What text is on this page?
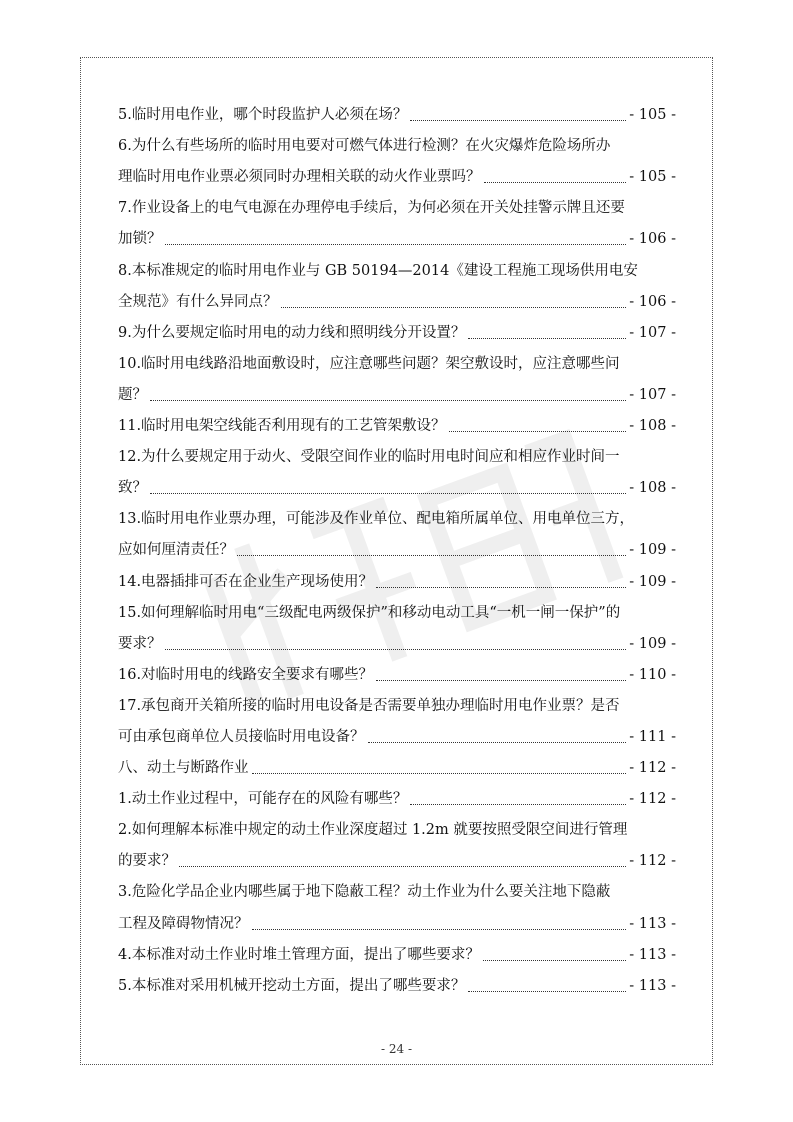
5.临时用电作业，哪个时段监护人必须在场？	- 105 -
6.为什么有些场所的临时用电要对可燃气体进行检测？在火灾爆炸危险场所办
理临时用电作业票必须同时办理相关联的动火作业票吗？	- 105 -
7.作业设备上的电气电源在办理停电手续后，为何必须在开关处挂警示牌且还要
加锁？	- 106 -
8.本标准规定的临时用电作业与 GB 50194—2014《建设工程施工现场供用电安
全规范》有什么异同点？	- 106 -
9.为什么要规定临时用电的动力线和照明线分开设置？	- 107 -
10.临时用电线路沿地面敷设时，应注意哪些问题？架空敷设时，应注意哪些问
题？	- 107 -
11.临时用电架空线能否利用现有的工艺管架敷设？	- 108 -
12.为什么要规定用于动火、受限空间作业的临时用电时间应和相应作业时间一
致？	- 108 -
13.临时用电作业票办理，可能涉及作业单位、配电箱所属单位、用电单位三方，
应如何厘清责任？	- 109 -
14.电器插排可否在企业生产现场使用？	- 109 -
15.如何理解临时用电“三级配电两级保护”和移动电动工具“一机一闸一保护”的
要求？	- 109 -
16.对临时用电的线路安全要求有哪些？	- 110 -
17.承包商开关箱所接的临时用电设备是否需要单独办理临时用电作业票？是否
可由承包商单位人员接临时用电设备？	- 111 -
八、动土与断路作业	- 112 -
1.动土作业过程中，可能存在的风险有哪些？	- 112 -
2.如何理解本标准中规定的动土作业深度超过 1.2m 就要按照受限空间进行管理
的要求？	- 112 -
3.危险化学品企业内哪些属于地下隐蔽工程？动土作业为什么要关注地下隐蔽
工程及障碍物情况？	- 113 -
4.本标准对动土作业时堆土管理方面，提出了哪些要求？	- 113 -
5.本标准对采用机械开挖动土方面，提出了哪些要求？	- 113 -
- 24 -
